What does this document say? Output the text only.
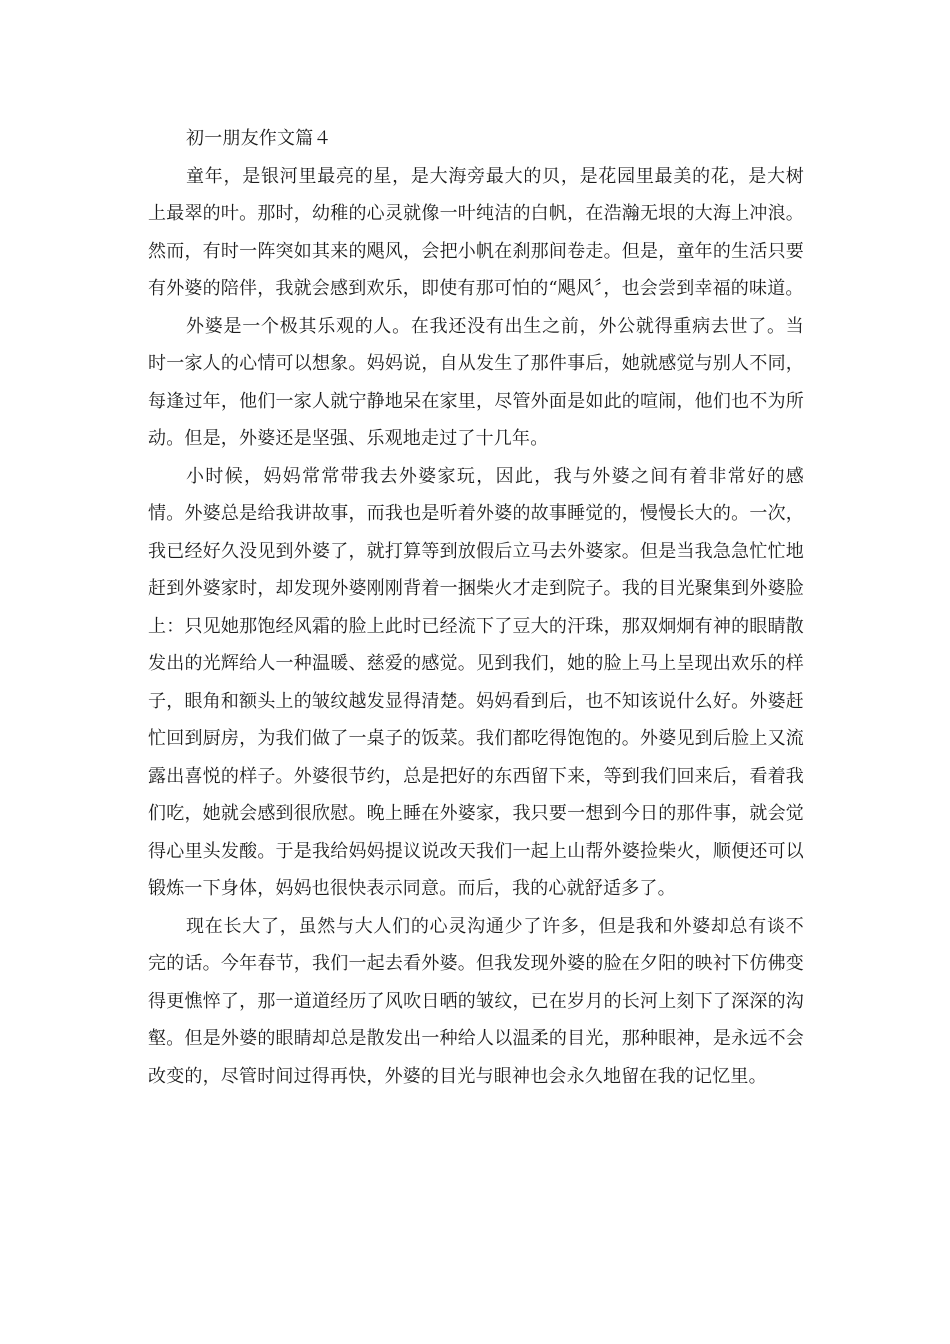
初一朋友作文篇４

童年，是银河里最亮的星，是大海旁最大的贝，是花园里最美的花，是大树上最翠的叶。那时，幼稚的心灵就像一叶纯洁的白帆，在浩瀚无垠的大海上冲浪。然而，有时一阵突如其来的飓风，会把小帆在刹那间卷走。但是，童年的生活只要有外婆的陪伴，我就会感到欢乐，即使有那可怕的“飓风〞，也会尝到幸福的味道。

外婆是一个极其乐观的人。在我还没有出生之前，外公就得重病去世了。当时一家人的心情可以想象。妈妈说，自从发生了那件事后，她就感觉与别人不同，每逢过年，他们一家人就宁静地呆在家里，尽管外面是如此的喧闹，他们也不为所动。但是，外婆还是坚强、乐观地走过了十几年。

小时候，妈妈常常带我去外婆家玩，因此，我与外婆之间有着非常好的感情。外婆总是给我讲故事，而我也是听着外婆的故事睡觉的，慢慢长大的。一次，我已经好久没见到外婆了，就打算等到放假后立马去外婆家。但是当我急急忙忙地赶到外婆家时，却发现外婆刚刚背着一捆柴火才走到院子。我的目光聚集到外婆脸上：只见她那饱经风霜的脸上此时已经流下了豆大的汗珠，那双炯炯有神的眼睛散发出的光辉给人一种温暖、慈爱的感觉。见到我们，她的脸上马上呈现出欢乐的样子，眼角和额头上的皱纹越发显得清楚。妈妈看到后，也不知该说什么好。外婆赶忙回到厨房，为我们做了一桌子的饭菜。我们都吃得饱饱的。外婆见到后脸上又流露出喜悦的样子。外婆很节约，总是把好的东西留下来，等到我们回来后，看着我们吃，她就会感到很欣慰。晚上睡在外婆家，我只要一想到今日的那件事，就会觉得心里头发酸。于是我给妈妈提议说改天我们一起上山帮外婆捡柴火，顺便还可以锻炼一下身体，妈妈也很快表示同意。而后，我的心就舒适多了。

现在长大了，虽然与大人们的心灵沟通少了许多，但是我和外婆却总有谈不完的话。今年春节，我们一起去看外婆。但我发现外婆的脸在夕阳的映衬下仿佛变得更憔悴了，那一道道经历了风吹日晒的皱纹，已在岁月的长河上刻下了深深的沟壑。但是外婆的眼睛却总是散发出一种给人以温柔的目光，那种眼神，是永远不会改变的，尽管时间过得再快，外婆的目光与眼神也会永久地留在我的记忆里。
